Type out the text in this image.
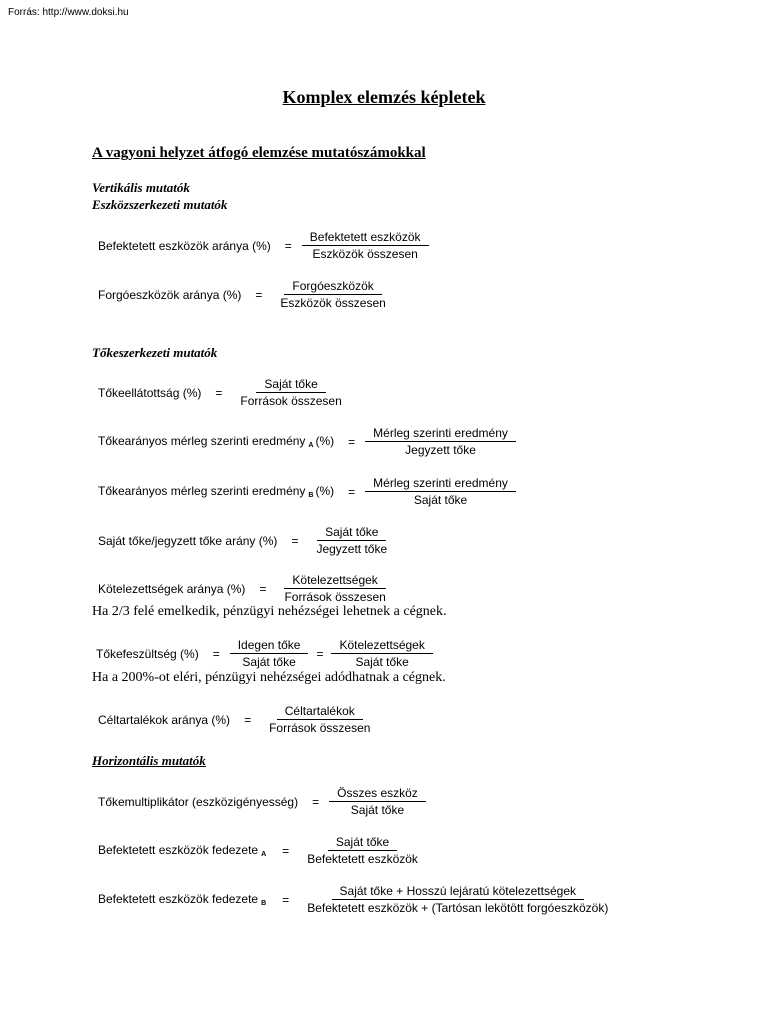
Forrás: http://www.doksi.hu
Komplex elemzés képletek
A vagyoni helyzet átfogó elemzése mutatószámokkal
Vertikális mutatók
Eszközszerkezeti mutatók
Befektetett eszközök aránya (%) = $\frac{\text{Befektetett eszközök}}{\text{Eszközök összesen}}$
Forgóeszközök aránya (%) = $\frac{\text{Forgóeszközök}}{\text{Eszközök összesen}}$
Tőkeszerkezeti mutatók
Tőkeellátottság (%) = $\frac{\text{Saját tőke}}{\text{Források összesen}}$
Tőkearányos mérleg szerinti eredmény $_A$ (%) = $\frac{\text{Mérleg szerinti eredmény}}{\text{Jegyzett tőke}}$
Tőkearányos mérleg szerinti eredmény $_B$ (%) = $\frac{\text{Mérleg szerinti eredmény}}{\text{Saját tőke}}$
Saját tőke/jegyzett tőke arány (%) = $\frac{\text{Saját tőke}}{\text{Jegyzett tőke}}$
Kötelezettségek aránya (%) = $\frac{\text{Kötelezettségek}}{\text{Források összesen}}$
Ha 2/3 felé emelkedik, pénzügyi nehézségei lehetnek a cégnek.
Tőkefeszültség (%) = $\frac{\text{Idegen tőke}}{\text{Saját tőke}} = \frac{\text{Kötelezettségek}}{\text{Saját tőke}}$
Ha a 200%-ot eléri, pénzügyi nehézségei adódhatnak a cégnek.
Céltartalékok aránya (%) = $\frac{\text{Céltartalékok}}{\text{Források összesen}}$
Horizontális mutatók
Tőkemultiplikátor (eszközigényesség) = $\frac{\text{Összes eszköz}}{\text{Saját tőke}}$
Befektetett eszközök fedezete $_A = \frac{\text{Saját tőke}}{\text{Befektetett eszközök}}$
Befektetett eszközök fedezete $_B = \frac{\text{Saját tőke + Hosszú lejáratú kötelezettségek}}{\text{Befektetett eszközök + (Tartósan lekötött forgóeszközök)}}$
